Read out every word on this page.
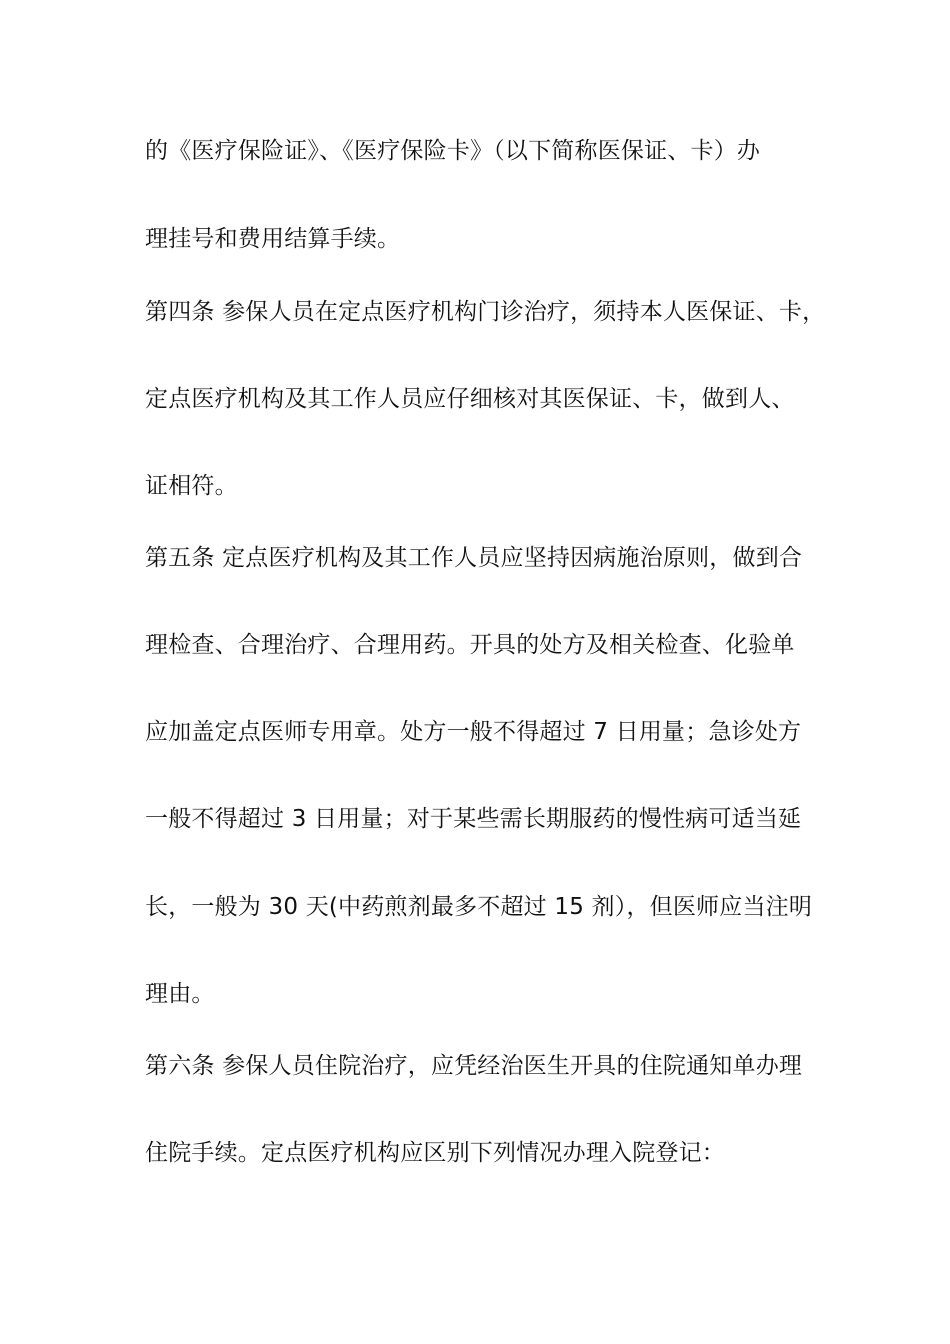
的《医疗保险证》、《医疗保险卡》（以下简称医保证、卡）办
理挂号和费用结算手续。
第四条 参保人员在定点医疗机构门诊治疗，须持本人医保证、卡，
定点医疗机构及其工作人员应仔细核对其医保证、卡，做到人、
证相符。
第五条 定点医疗机构及其工作人员应坚持因病施治原则，做到合
理检查、合理治疗、合理用药。开具的处方及相关检查、化验单
应加盖定点医师专用章。处方一般不得超过 7 日用量；急诊处方
一般不得超过 3 日用量；对于某些需长期服药的慢性病可适当延
长，一般为 30 天(中药煎剂最多不超过 15 剂），但医师应当注明
理由。
第六条 参保人员住院治疗，应凭经治医生开具的住院通知单办理
住院手续。定点医疗机构应区别下列情况办理入院登记：
